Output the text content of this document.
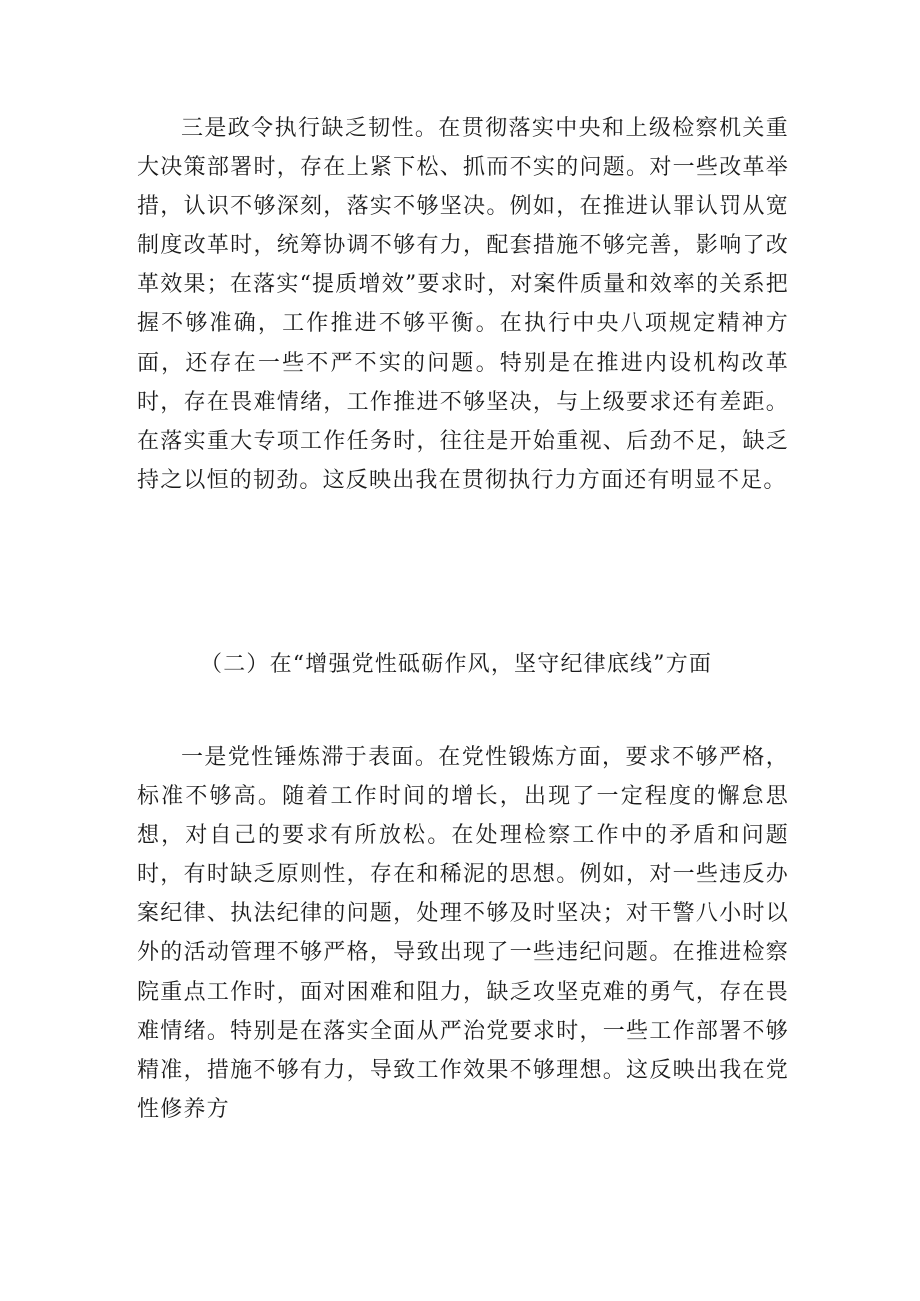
三是政令执行缺乏韧性。在贯彻落实中央和上级检察机关重大决策部署时，存在上紧下松、抓而不实的问题。对一些改革举措，认识不够深刻，落实不够坚决。例如，在推进认罪认罚从宽制度改革时，统筹协调不够有力，配套措施不够完善，影响了改革效果；在落实“提质增效”要求时，对案件质量和效率的关系把握不够准确，工作推进不够平衡。在执行中央八项规定精神方面，还存在一些不严不实的问题。特别是在推进内设机构改革时，存在畏难情绪，工作推进不够坚决，与上级要求还有差距。在落实重大专项工作任务时，往往是开始重视、后劲不足，缺乏持之以恒的韧劲。这反映出我在贯彻执行力方面还有明显不足。

（二）在“增强党性砥砺作风，坚守纪律底线”方面

一是党性锤炼滞于表面。在党性锻炼方面，要求不够严格，标准不够高。随着工作时间的增长，出现了一定程度的懈怠思想，对自己的要求有所放松。在处理检察工作中的矛盾和问题时，有时缺乏原则性，存在和稀泥的思想。例如，对一些违反办案纪律、执法纪律的问题，处理不够及时坚决；对干警八小时以外的活动管理不够严格，导致出现了一些违纪问题。在推进检察院重点工作时，面对困难和阻力，缺乏攻坚克难的勇气，存在畏难情绪。特别是在落实全面从严治党要求时，一些工作部署不够精准，措施不够有力，导致工作效果不够理想。这反映出我在党性修养方
